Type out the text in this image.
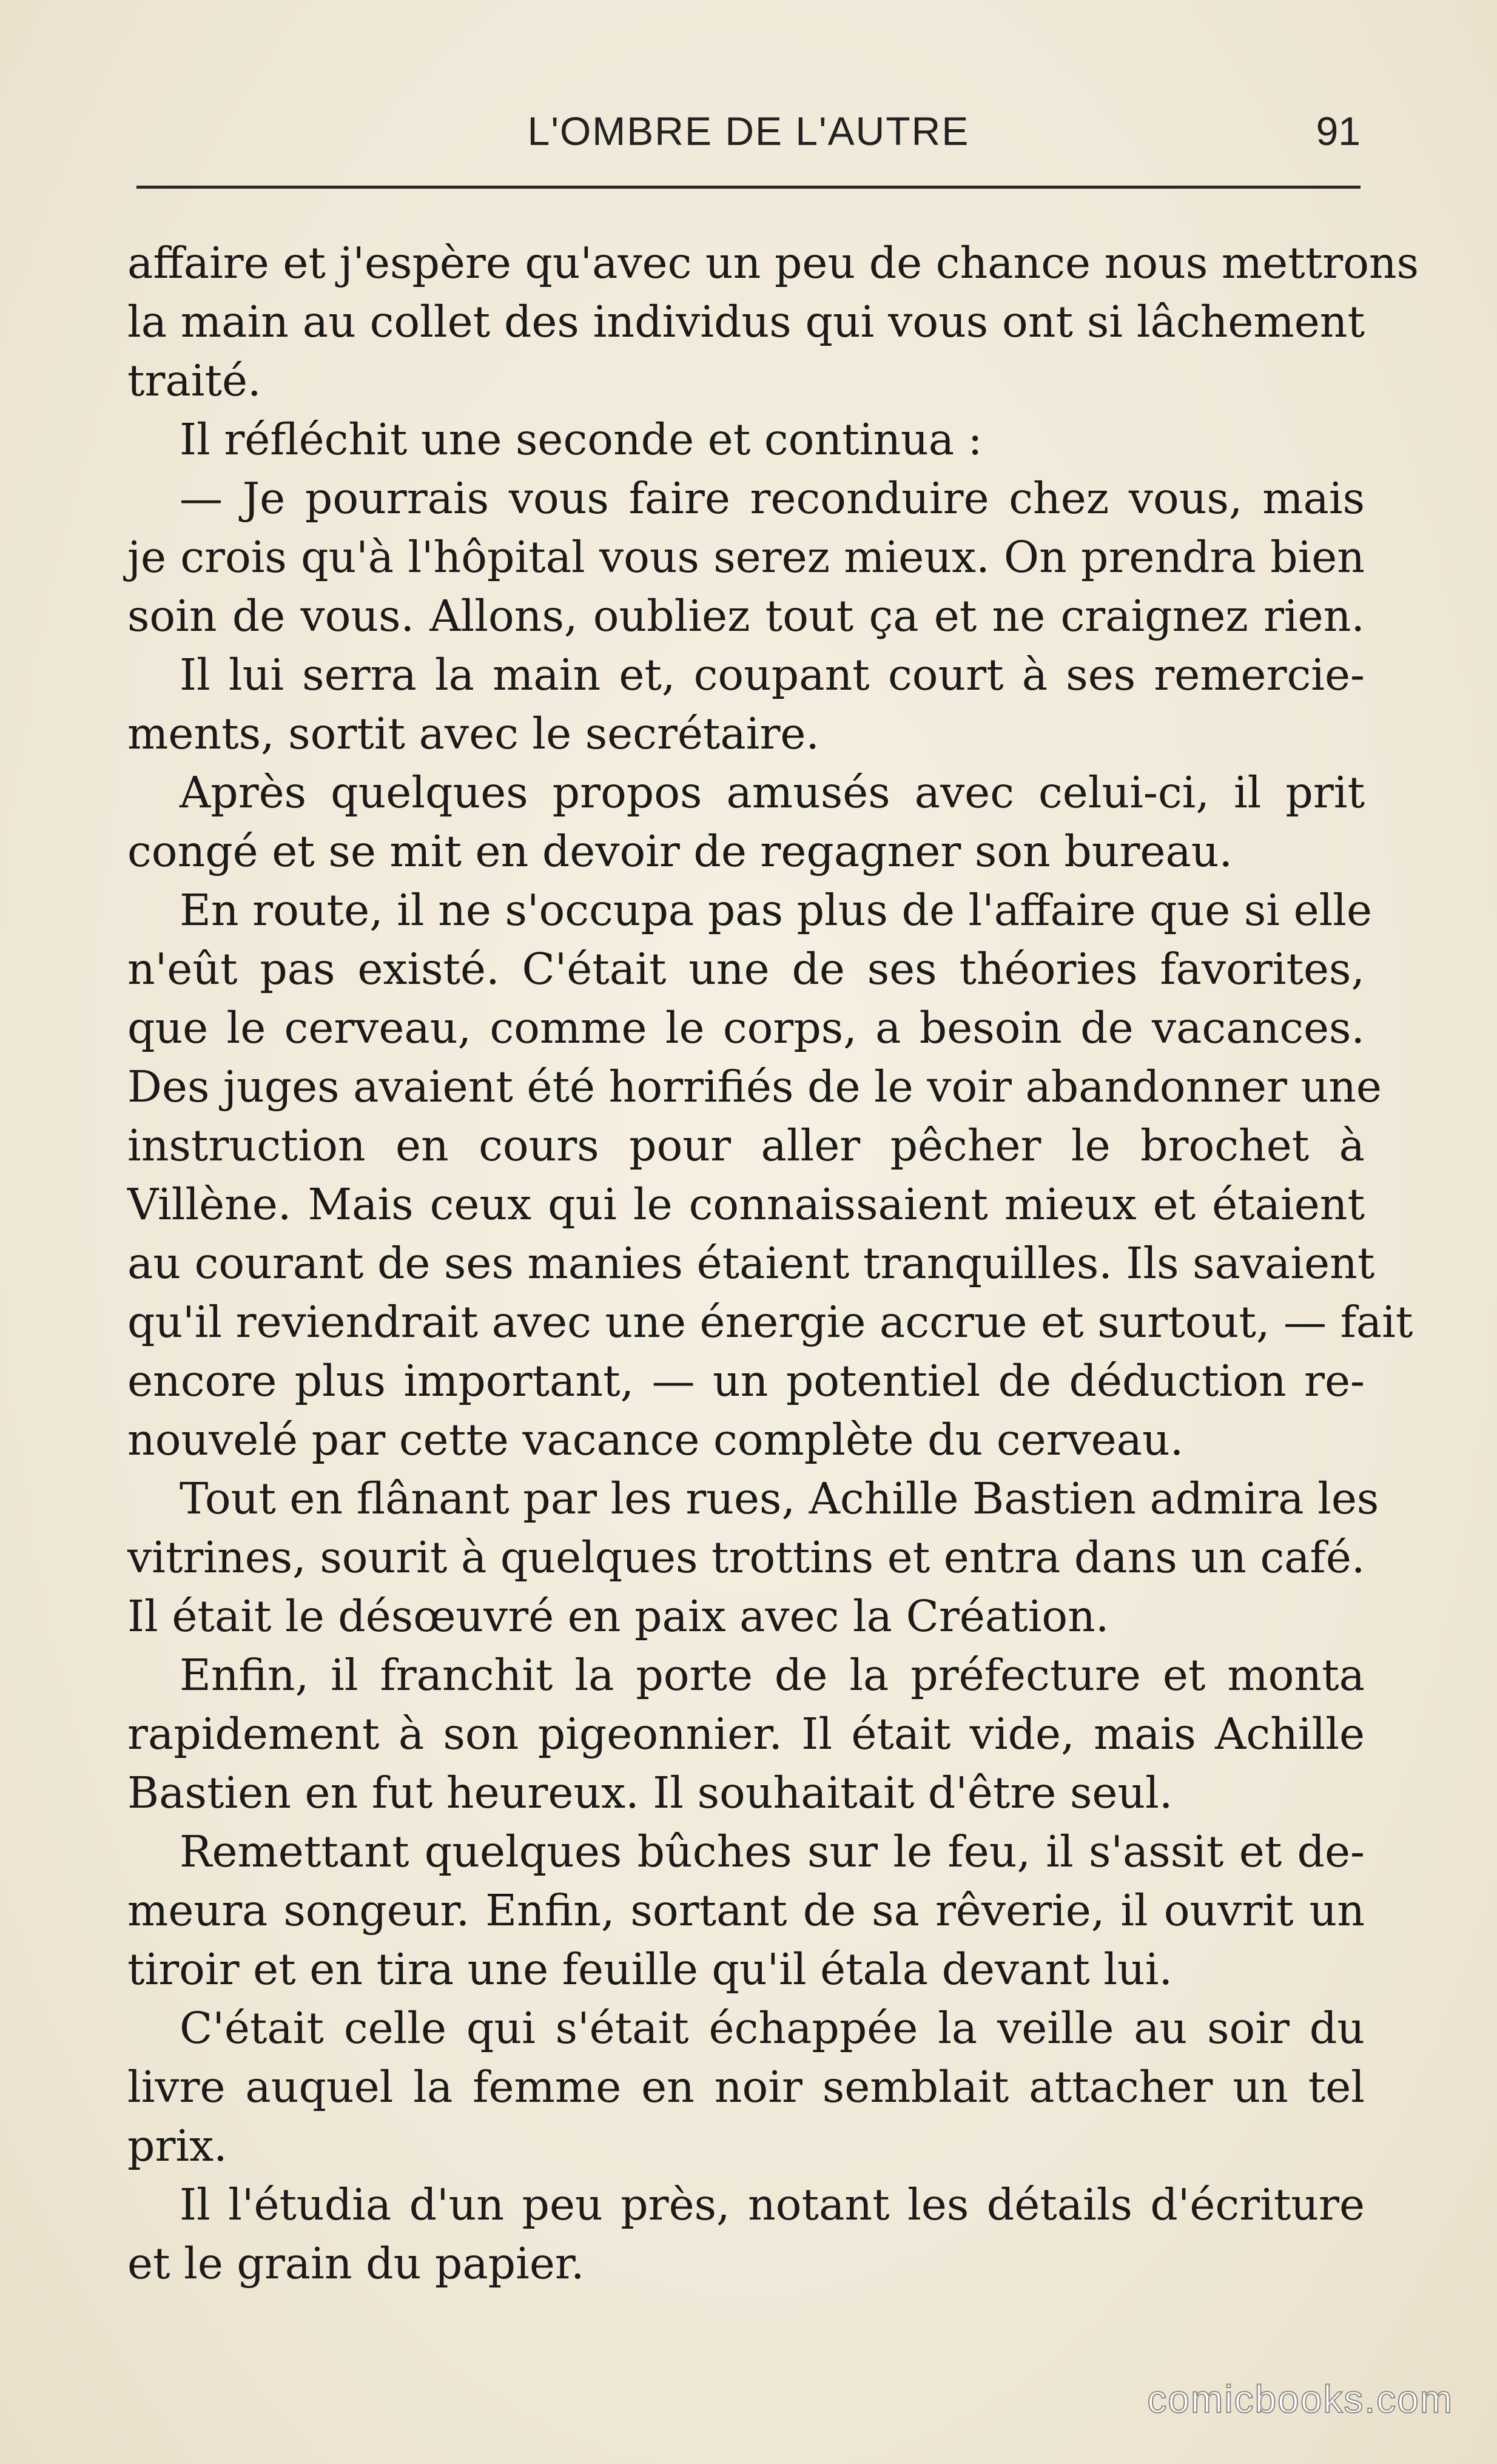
L'OMBRE DE L'AUTRE	91
affaire et j'espère qu'avec un peu de chance nous mettrons
la main au collet des individus qui vous ont si lâchement
traité.
Il réfléchit une seconde et continua :
— Je pourrais vous faire reconduire chez vous, mais
je crois qu'à l'hôpital vous serez mieux. On prendra bien
soin de vous. Allons, oubliez tout ça et ne craignez rien.
Il lui serra la main et, coupant court à ses remercie-
ments, sortit avec le secrétaire.
Après quelques propos amusés avec celui-ci, il prit
congé et se mit en devoir de regagner son bureau.
En route, il ne s'occupa pas plus de l'affaire que si elle
n'eût pas existé. C'était une de ses théories favorites,
que le cerveau, comme le corps, a besoin de vacances.
Des juges avaient été horrifiés de le voir abandonner une
instruction en cours pour aller pêcher le brochet à
Villène. Mais ceux qui le connaissaient mieux et étaient
au courant de ses manies étaient tranquilles. Ils savaient
qu'il reviendrait avec une énergie accrue et surtout, — fait
encore plus important, — un potentiel de déduction re-
nouvelé par cette vacance complète du cerveau.
Tout en flânant par les rues, Achille Bastien admira les
vitrines, sourit à quelques trottins et entra dans un café.
Il était le désœuvré en paix avec la Création.
Enfin, il franchit la porte de la préfecture et monta
rapidement à son pigeonnier. Il était vide, mais Achille
Bastien en fut heureux. Il souhaitait d'être seul.
Remettant quelques bûches sur le feu, il s'assit et de-
meura songeur. Enfin, sortant de sa rêverie, il ouvrit un
tiroir et en tira une feuille qu'il étala devant lui.
C'était celle qui s'était échappée la veille au soir du
livre auquel la femme en noir semblait attacher un tel
prix.
Il l'étudia d'un peu près, notant les détails d'écriture
et le grain du papier.
comicbooks.com
